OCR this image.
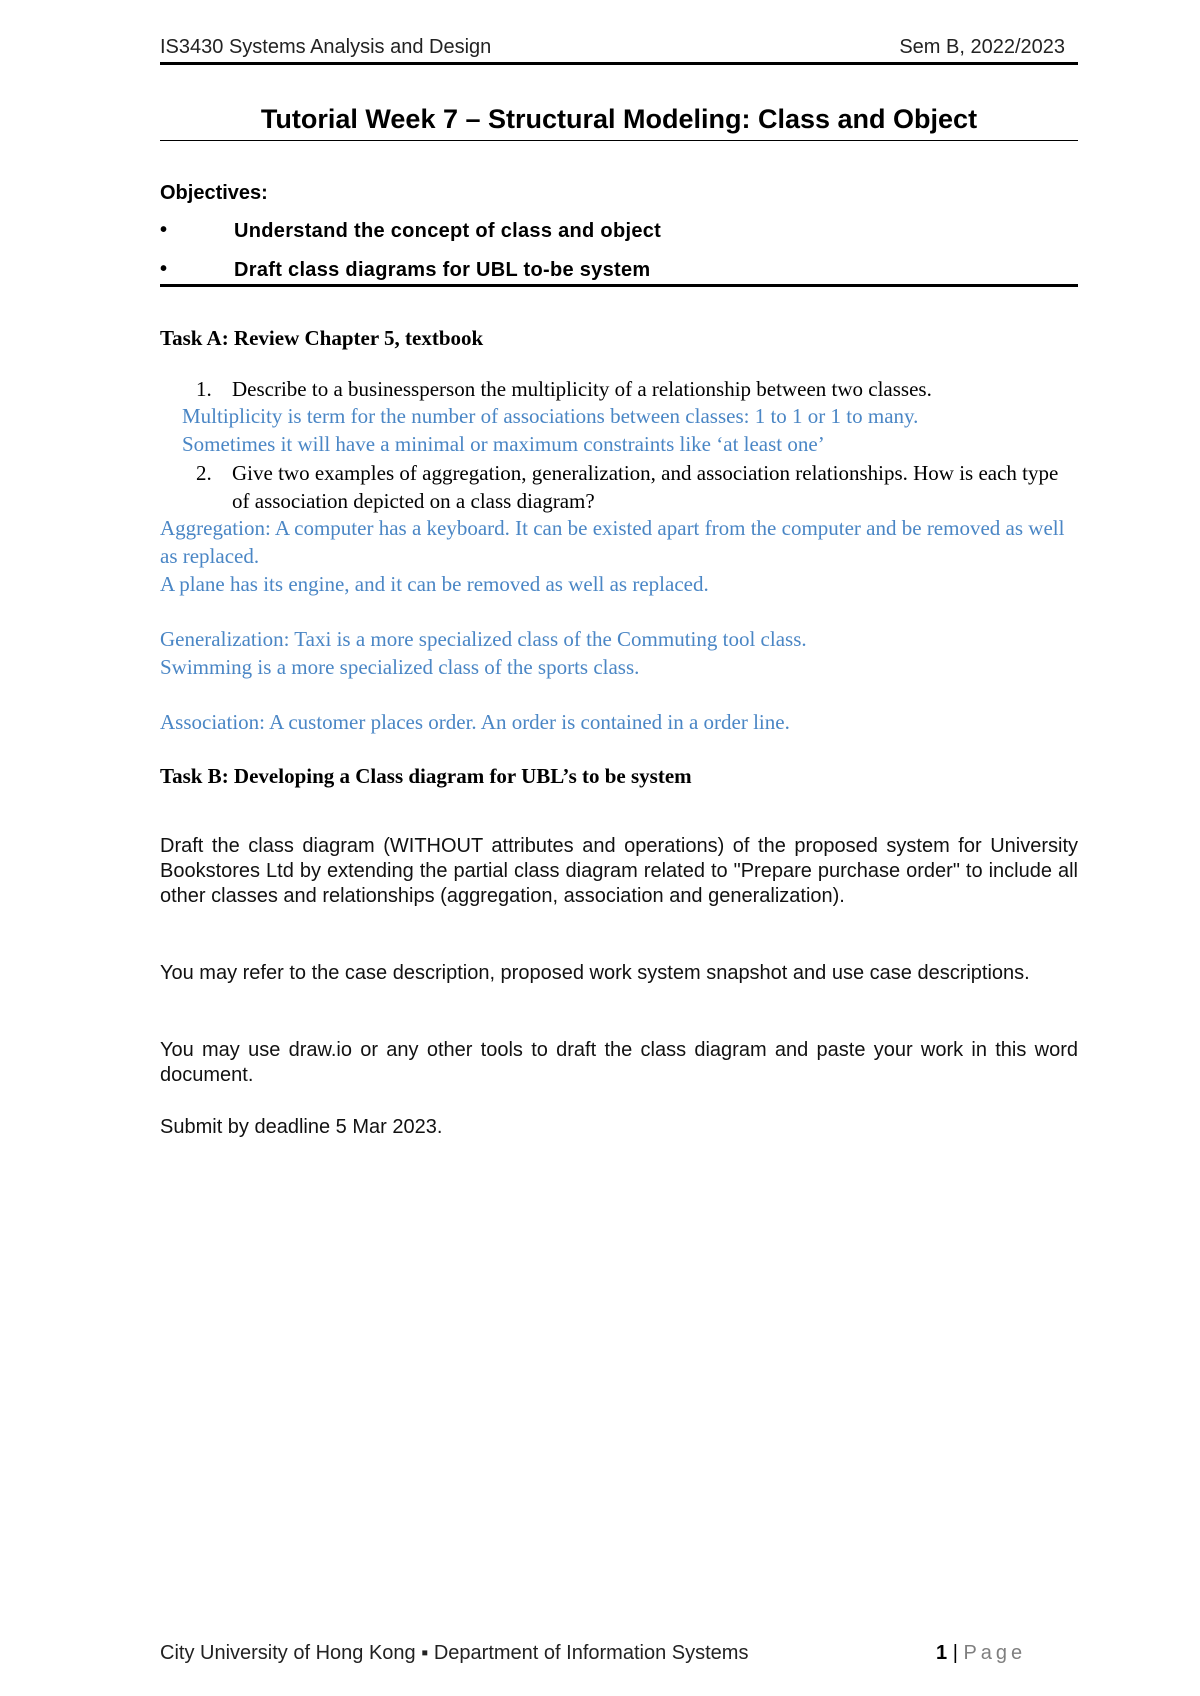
IS3430 Systems Analysis and Design	Sem B, 2022/2023
Tutorial Week 7 – Structural Modeling: Class and Object
Objectives:
•	Understand the concept of class and object
•	Draft class diagrams for UBL to-be system
Task A: Review Chapter 5, textbook
1. Describe to a businessperson the multiplicity of a relationship between two classes.
Multiplicity is term for the number of associations between classes: 1 to 1 or 1 to many.
Sometimes it will have a minimal or maximum constraints like ‘at least one’
2. Give two examples of aggregation, generalization, and association relationships. How is each type of association depicted on a class diagram?
Aggregation: A computer has a keyboard. It can be existed apart from the computer and be removed as well as replaced.
A plane has its engine, and it can be removed as well as replaced.
Generalization: Taxi is a more specialized class of the Commuting tool class.
Swimming is a more specialized class of the sports class.
Association: A customer places order. An order is contained in a order line.
Task B: Developing a Class diagram for UBL’s to be system
Draft the class diagram (WITHOUT attributes and operations) of the proposed system for University Bookstores Ltd by extending the partial class diagram related to "Prepare purchase order" to include all other classes and relationships (aggregation, association and generalization).
You may refer to the case description, proposed work system snapshot and use case descriptions.
You may use draw.io or any other tools to draft the class diagram and paste your work in this word document.
Submit by deadline 5 Mar 2023.
City University of Hong Kong ▪ Department of Information Systems	1 | Page
